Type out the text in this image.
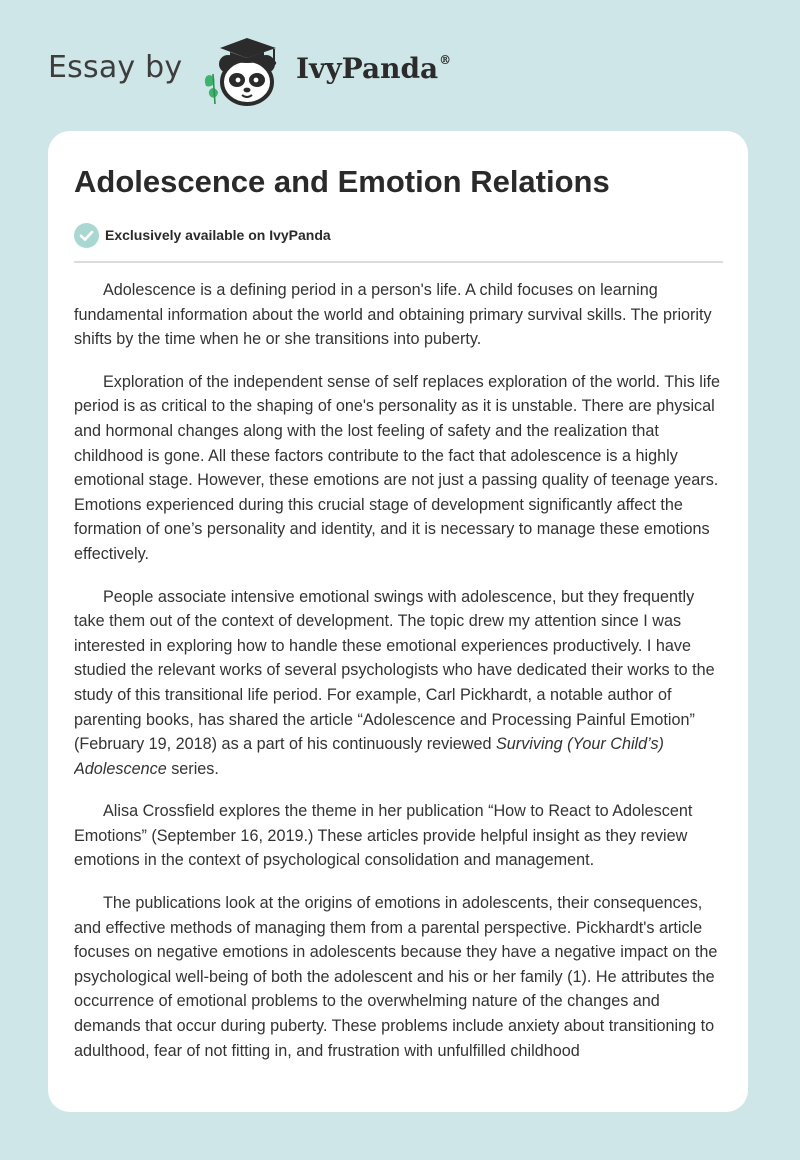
Essay by	IvyPanda®
Adolescence and Emotion Relations
Exclusively available on IvyPanda

Adolescence is a defining period in a person's life. A child focuses on learning fundamental information about the world and obtaining primary survival skills. The priority shifts by the time when he or she transitions into puberty.

Exploration of the independent sense of self replaces exploration of the world. This life period is as critical to the shaping of one's personality as it is unstable. There are physical and hormonal changes along with the lost feeling of safety and the realization that childhood is gone. All these factors contribute to the fact that adolescence is a highly emotional stage. However, these emotions are not just a passing quality of teenage years. Emotions experienced during this crucial stage of development significantly affect the formation of one’s personality and identity, and it is necessary to manage these emotions effectively.

People associate intensive emotional swings with adolescence, but they frequently take them out of the context of development. The topic drew my attention since I was interested in exploring how to handle these emotional experiences productively. I have studied the relevant works of several psychologists who have dedicated their works to the study of this transitional life period. For example, Carl Pickhardt, a notable author of parenting books, has shared the article “Adolescence and Processing Painful Emotion” (February 19, 2018) as a part of his continuously reviewed Surviving (Your Child’s) Adolescence series.

Alisa Crossfield explores the theme in her publication “How to React to Adolescent Emotions” (September 16, 2019.) These articles provide helpful insight as they review emotions in the context of psychological consolidation and management.

The publications look at the origins of emotions in adolescents, their consequences, and effective methods of managing them from a parental perspective. Pickhardt's article focuses on negative emotions in adolescents because they have a negative impact on the psychological well-being of both the adolescent and his or her family (1). He attributes the occurrence of emotional problems to the overwhelming nature of the changes and demands that occur during puberty. These problems include anxiety about transitioning to adulthood, fear of not fitting in, and frustration with unfulfilled childhood
